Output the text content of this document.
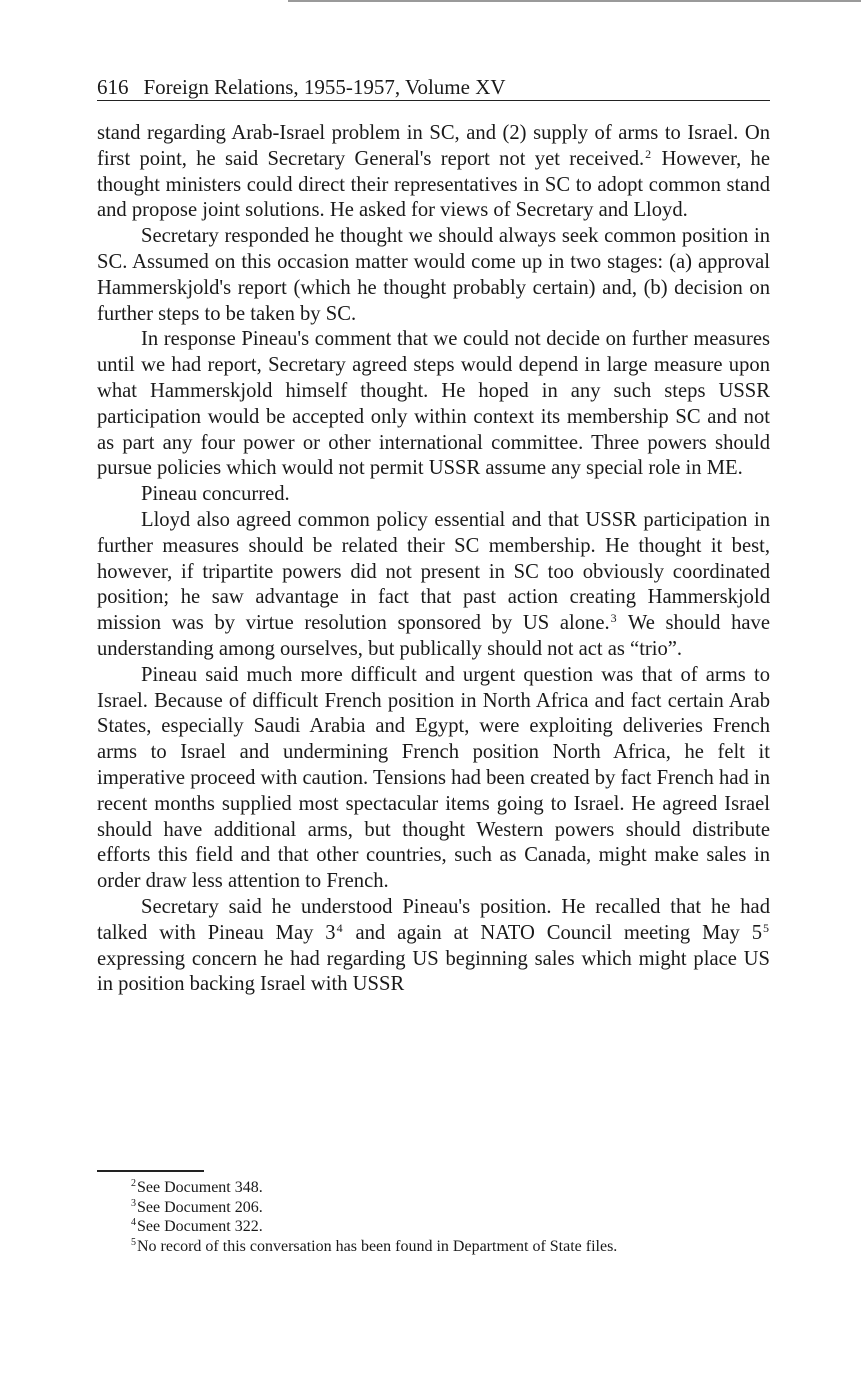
616 Foreign Relations, 1955-1957, Volume XV

stand regarding Arab-Israel problem in SC, and (2) supply of arms to Israel. On first point, he said Secretary General's report not yet received.$^2$ However, he thought ministers could direct their representatives in SC to adopt common stand and propose joint solutions. He asked for views of Secretary and Lloyd.

Secretary responded he thought we should always seek common position in SC. Assumed on this occasion matter would come up in two stages: (a) approval Hammerskjold's report (which he thought probably certain) and, (b) decision on further steps to be taken by SC.

In response Pineau's comment that we could not decide on further measures until we had report, Secretary agreed steps would depend in large measure upon what Hammerskjold himself thought. He hoped in any such steps USSR participation would be accepted only within context its membership SC and not as part any four power or other international committee. Three powers should pursue policies which would not permit USSR assume any special role in ME.

Pineau concurred.

Lloyd also agreed common policy essential and that USSR participation in further measures should be related their SC membership. He thought it best, however, if tripartite powers did not present in SC too obviously coordinated position; he saw advantage in fact that past action creating Hammerskjold mission was by virtue resolution sponsored by US alone.$^3$ We should have understanding among ourselves, but publically should not act as “trio”.

Pineau said much more difficult and urgent question was that of arms to Israel. Because of difficult French position in North Africa and fact certain Arab States, especially Saudi Arabia and Egypt, were exploiting deliveries French arms to Israel and undermining French position North Africa, he felt it imperative proceed with caution. Tensions had been created by fact French had in recent months supplied most spectacular items going to Israel. He agreed Israel should have additional arms, but thought Western powers should distribute efforts this field and that other countries, such as Canada, might make sales in order draw less attention to French.

Secretary said he understood Pineau's position. He recalled that he had talked with Pineau May $3^4$ and again at NATO Council meeting May $5^5$ expressing concern he had regarding US beginning sales which might place US in position backing Israel with USSR

$^2$See Document 348.

$^3$See Document 206.

$^4$See Document 322.

$^5$No record of this conversation has been found in Department of State files.
